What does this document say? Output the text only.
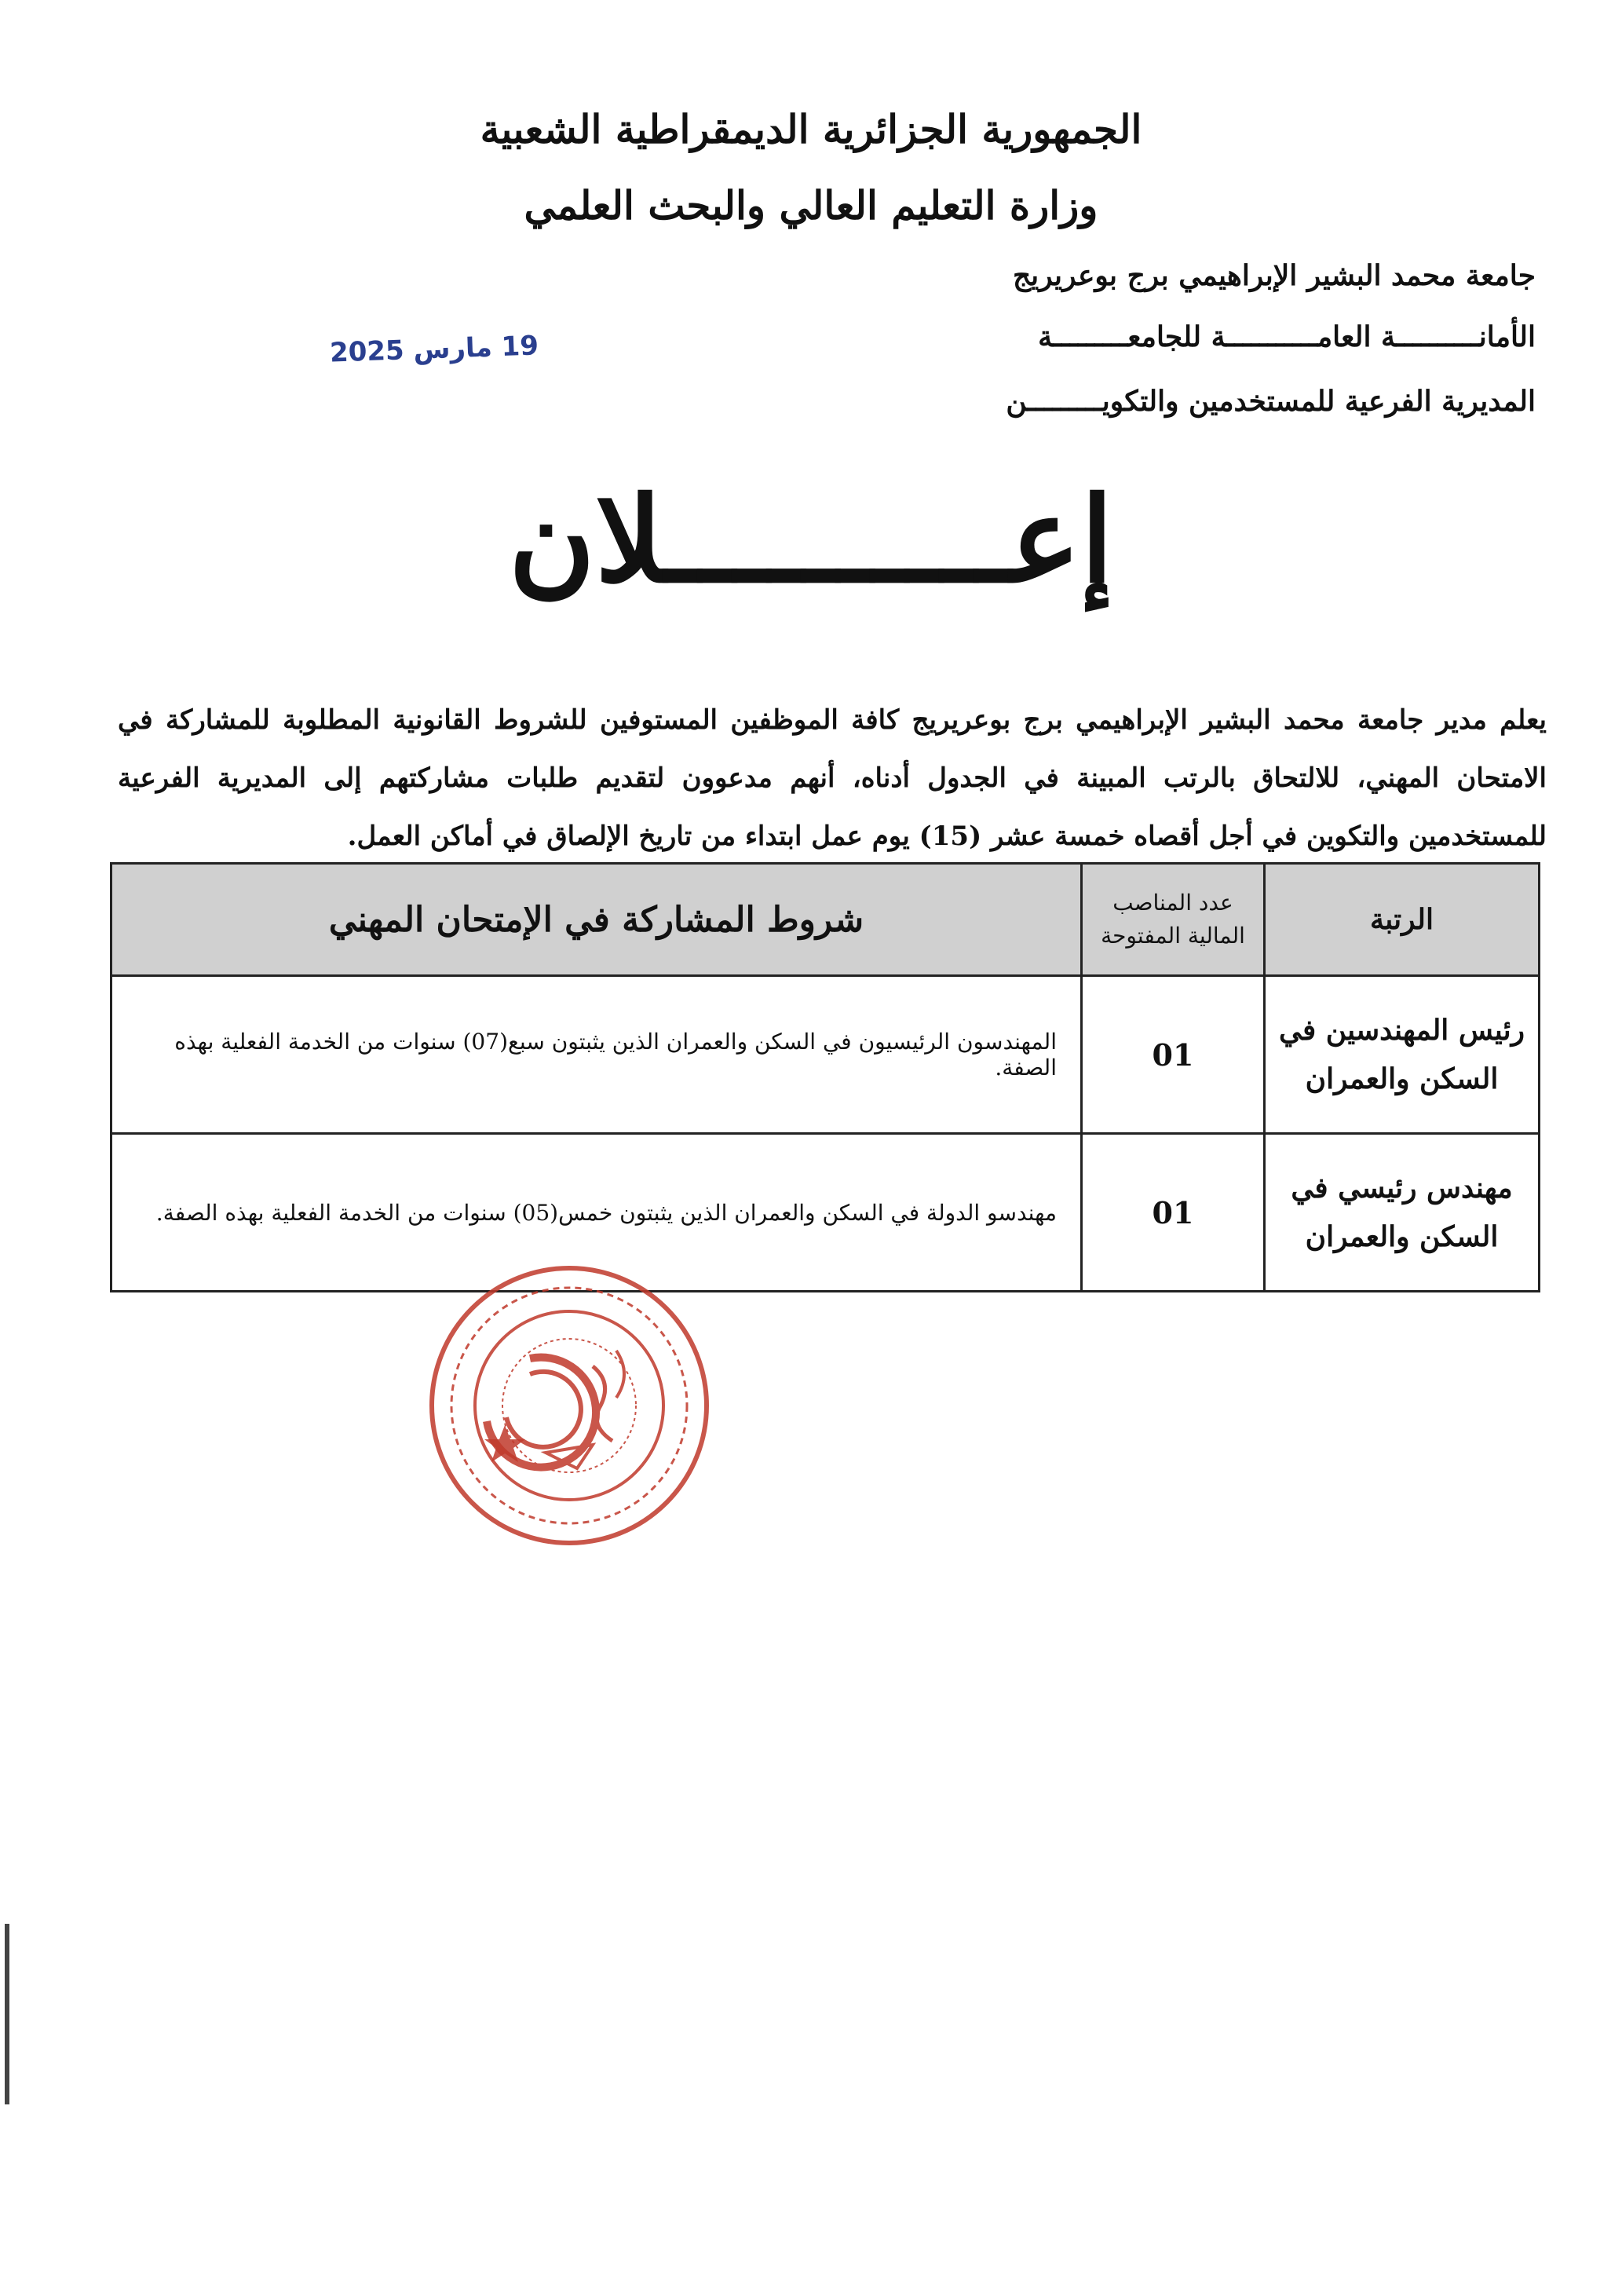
الجمهورية الجزائرية الديمقراطية الشعبية
وزارة التعليم العالي والبحث العلمي
جامعة محمد البشير الإبراهيمي برج بوعريريج
الأمانــــــــــة العامـــــــــــة للجامعـــــــــة
المديرية الفرعية للمستخدمين والتكويـــــــــن
19 مارس 2025
إعــــــــــلان
يعلم مدير جامعة محمد البشير الإبراهيمي برج بوعريريج كافة الموظفين المستوفين للشروط القانونية المطلوبة للمشاركة في الامتحان المهني، للالتحاق بالرتب المبينة في الجدول أدناه، أنهم مدعوون لتقديم طلبات مشاركتهم إلى المديرية الفرعية للمستخدمين والتكوين في أجل أقصاه خمسة عشر (15) يوم عمل ابتداء من تاريخ الإلصاق في أماكن العمل.
الرتبة	عدد المناصب المالية المفتوحة	شروط المشاركة في الإمتحان المهني
رئيس المهندسين في السكن والعمران	01	المهندسون الرئيسيون في السكن والعمران الذين يثبتون سبع(07) سنوات من الخدمة الفعلية بهذه الصفة.
مهندس رئيسي في السكن والعمران	01	مهندسو الدولة في السكن والعمران الذين يثبتون خمس(05) سنوات من الخدمة الفعلية بهذه الصفة.
